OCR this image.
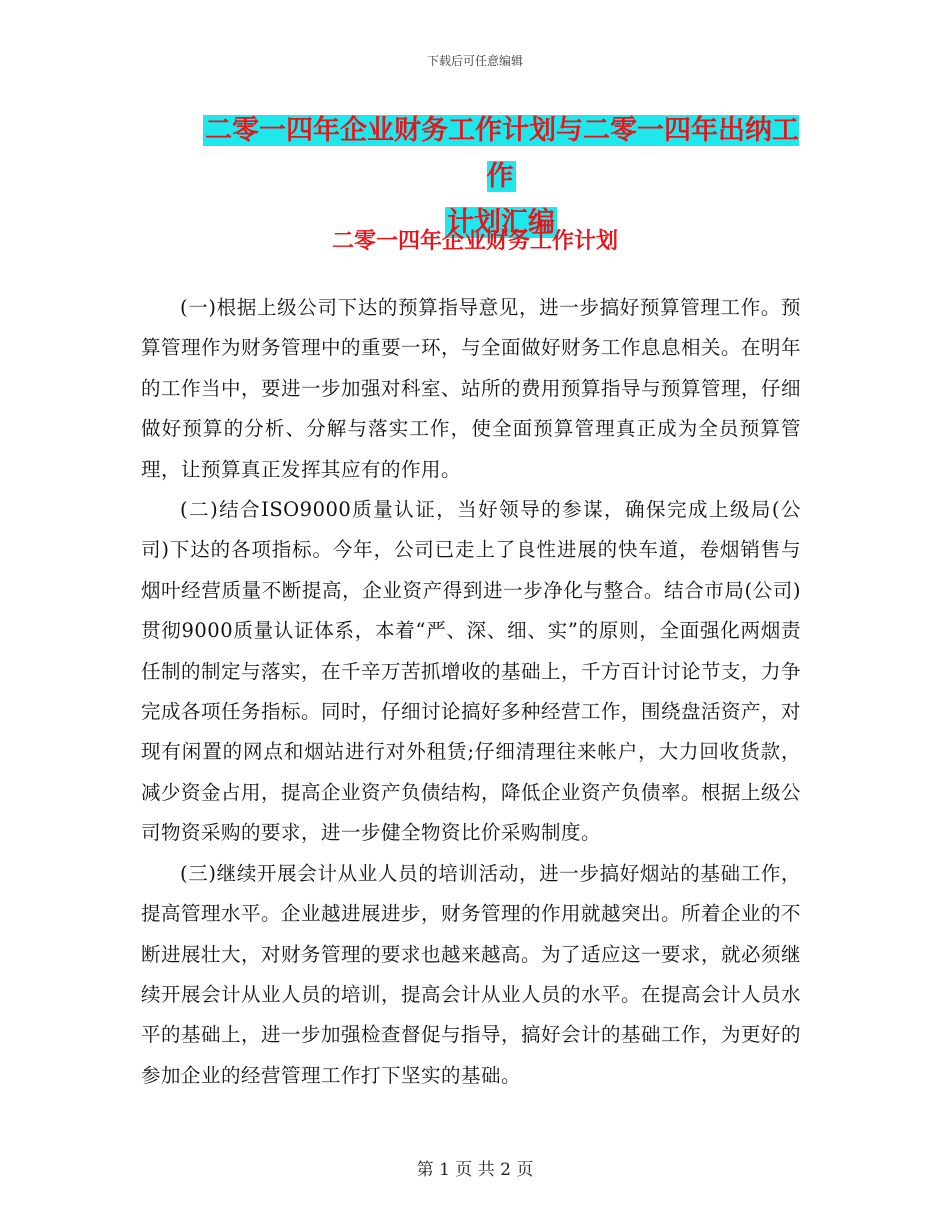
下载后可任意编辑
二零一四年企业财务工作计划与二零一四年出纳工作
计划汇编
二零一四年企业财务工作计划

(一)根据上级公司下达的预算指导意见，进一步搞好预算管理工作。预算管理作为财务管理中的重要一环，与全面做好财务工作息息相关。在明年的工作当中，要进一步加强对科室、站所的费用预算指导与预算管理，仔细做好预算的分析、分解与落实工作，使全面预算管理真正成为全员预算管理，让预算真正发挥其应有的作用。

(二)结合ISO9000质量认证，当好领导的参谋，确保完成上级局(公司)下达的各项指标。今年，公司已走上了良性进展的快车道，卷烟销售与烟叶经营质量不断提高，企业资产得到进一步净化与整合。结合市局(公司)贯彻9000质量认证体系，本着“严、深、细、实”的原则，全面强化两烟责任制的制定与落实，在千辛万苦抓增收的基础上，千方百计讨论节支，力争完成各项任务指标。同时，仔细讨论搞好多种经营工作，围绕盘活资产，对现有闲置的网点和烟站进行对外租赁;仔细清理往来帐户，大力回收货款，减少资金占用，提高企业资产负债结构，降低企业资产负债率。根据上级公司物资采购的要求，进一步健全物资比价采购制度。

(三)继续开展会计从业人员的培训活动，进一步搞好烟站的基础工作，提高管理水平。企业越进展进步，财务管理的作用就越突出。所着企业的不断进展壮大，对财务管理的要求也越来越高。为了适应这一要求，就必须继续开展会计从业人员的培训，提高会计从业人员的水平。在提高会计人员水平的基础上，进一步加强检查督促与指导，搞好会计的基础工作，为更好的参加企业的经营管理工作打下坚实的基础。

第 1 页 共 2 页
